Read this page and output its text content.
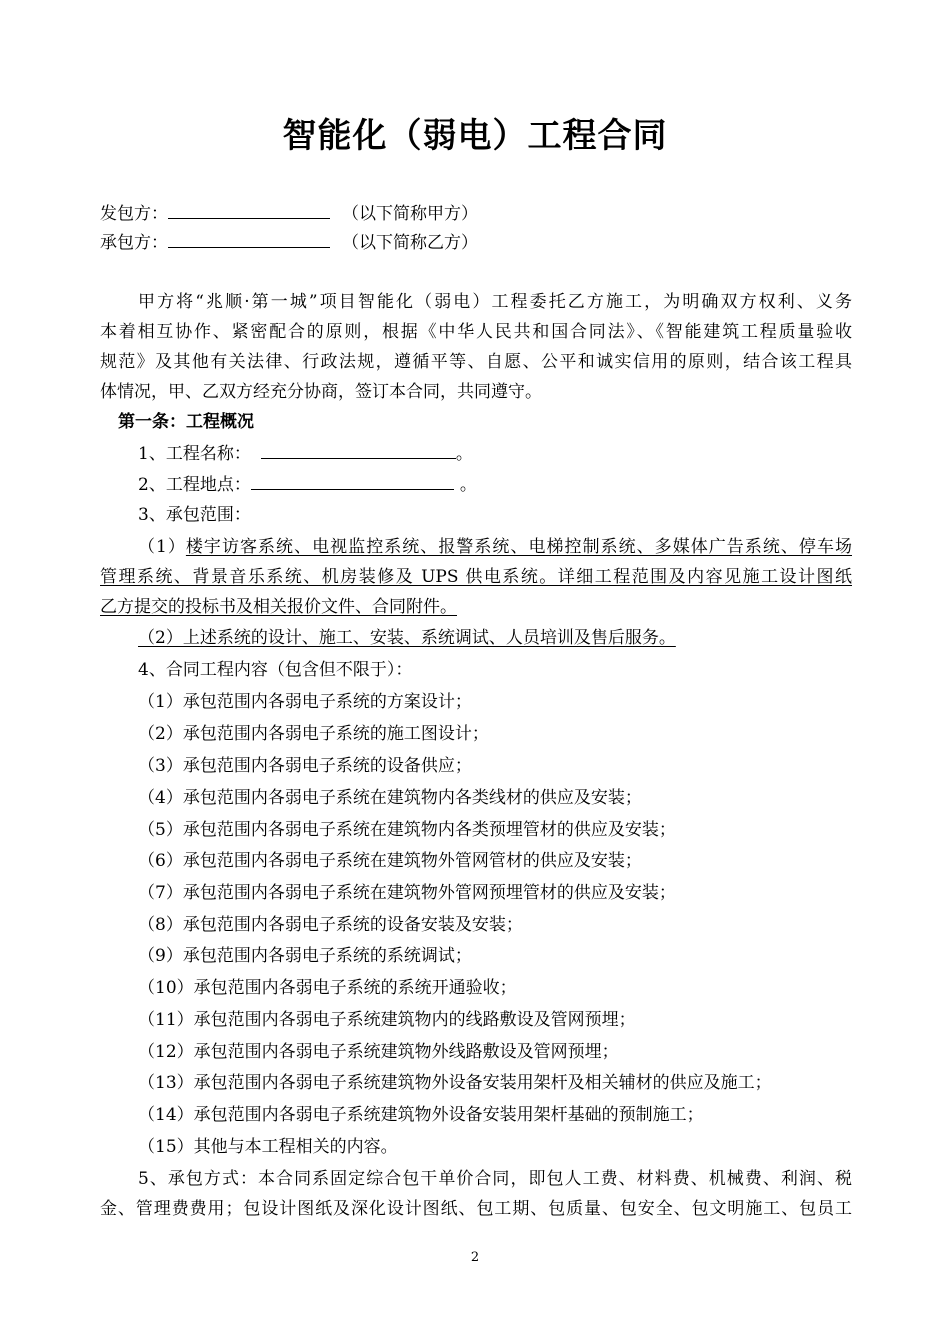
智能化（弱电）工程合同
发包方：	（以下简称甲方）
承包方：	（以下简称乙方）
甲方将“兆顺·第一城”项目智能化（弱电）工程委托乙方施工，为明确双方权利、义务
本着相互协作、紧密配合的原则，根据《中华人民共和国合同法》、《智能建筑工程质量验收
规范》及其他有关法律、行政法规，遵循平等、自愿、公平和诚实信用的原则，结合该工程具
体情况，甲、乙双方经充分协商，签订本合同，共同遵守。
第一条：工程概况
1、工程名称：	。
2、工程地点：	。
3、承包范围：
（1）楼宇访客系统、电视监控系统、报警系统、电梯控制系统、多媒体广告系统、停车场
管理系统、背景音乐系统、机房装修及 UPS 供电系统。详细工程范围及内容见施工设计图纸
乙方提交的投标书及相关报价文件、合同附件。
（2）上述系统的设计、施工、安装、系统调试、人员培训及售后服务。
4、合同工程内容（包含但不限于）：
（1）承包范围内各弱电子系统的方案设计；
（2）承包范围内各弱电子系统的施工图设计；
（3）承包范围内各弱电子系统的设备供应；
（4）承包范围内各弱电子系统在建筑物内各类线材的供应及安装；
（5）承包范围内各弱电子系统在建筑物内各类预埋管材的供应及安装；
（6）承包范围内各弱电子系统在建筑物外管网管材的供应及安装；
（7）承包范围内各弱电子系统在建筑物外管网预埋管材的供应及安装；
（8）承包范围内各弱电子系统的设备安装及安装；
（9）承包范围内各弱电子系统的系统调试；
（10）承包范围内各弱电子系统的系统开通验收；
（11）承包范围内各弱电子系统建筑物内的线路敷设及管网预埋；
（12）承包范围内各弱电子系统建筑物外线路敷设及管网预埋；
（13）承包范围内各弱电子系统建筑物外设备安装用架杆及相关辅材的供应及施工；
（14）承包范围内各弱电子系统建筑物外设备安装用架杆基础的预制施工；
（15）其他与本工程相关的内容。
5、承包方式：本合同系固定综合包干单价合同，即包人工费、材料费、机械费、利润、税
金、管理费费用；包设计图纸及深化设计图纸、包工期、包质量、包安全、包文明施工、包员工
2
